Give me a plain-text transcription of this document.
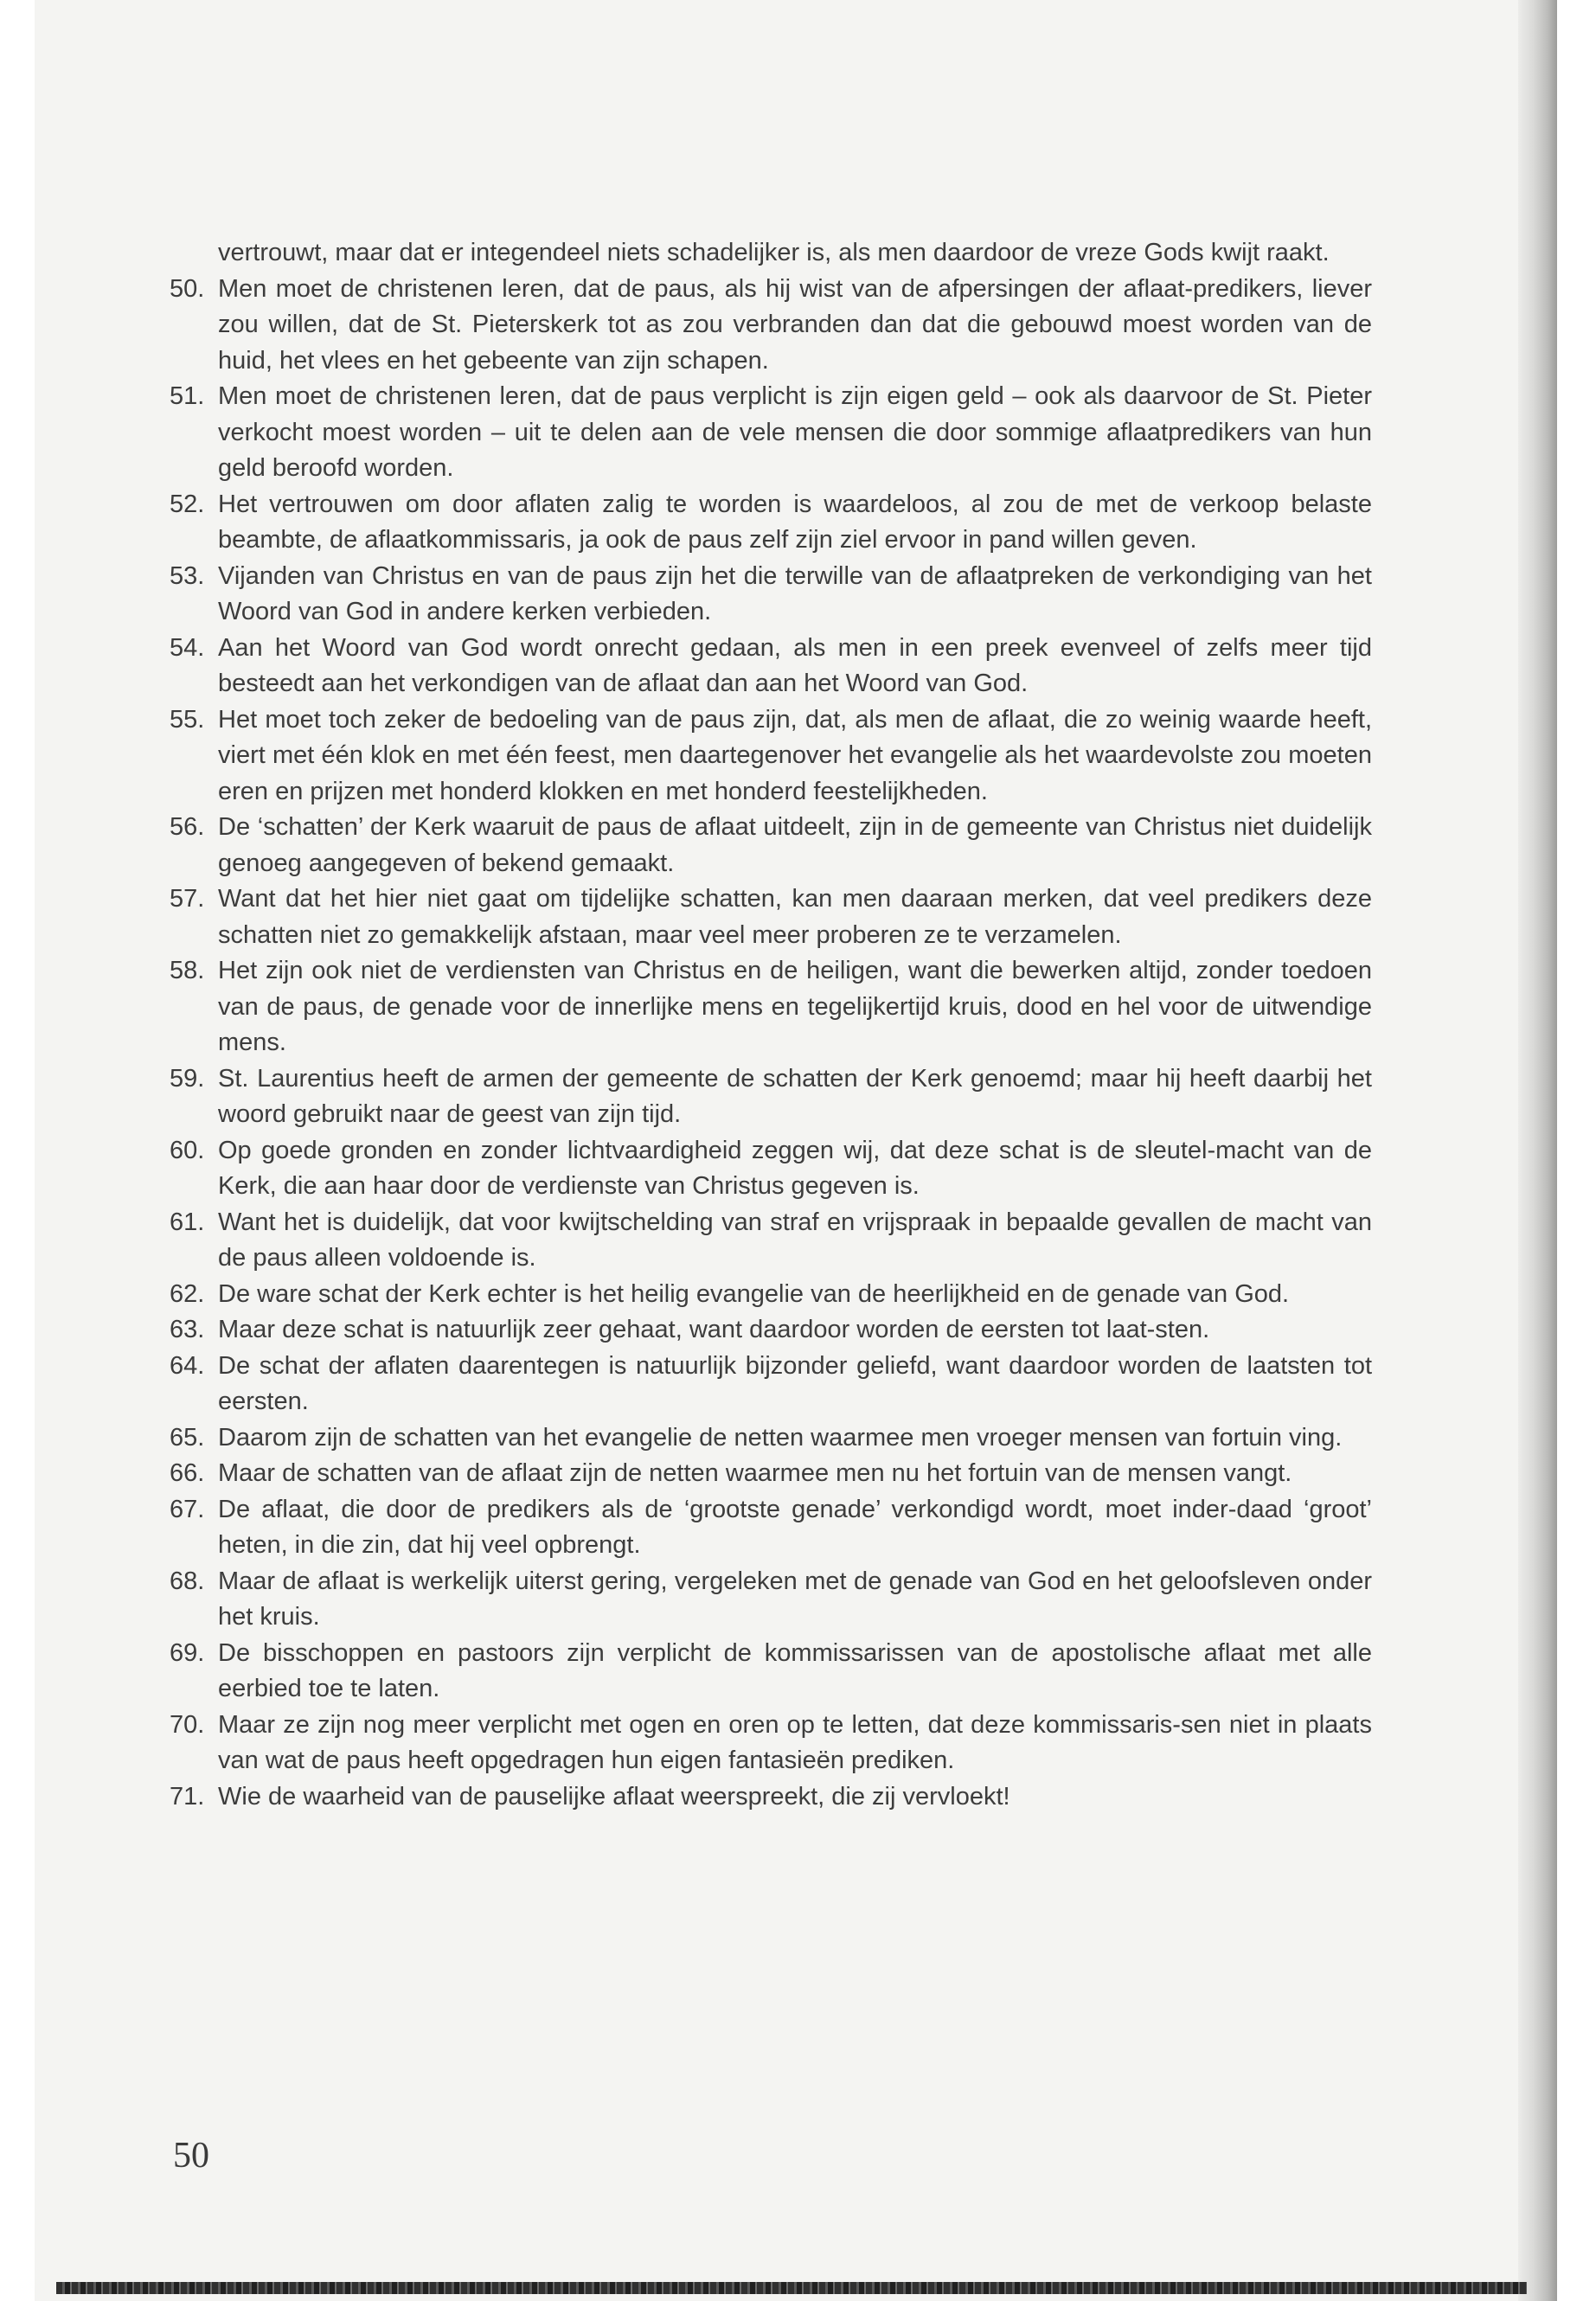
vertrouwt, maar dat er integendeel niets schadelijker is, als men daardoor de vreze Gods kwijt raakt.
50. Men moet de christenen leren, dat de paus, als hij wist van de afpersingen der aflaat-predikers, liever zou willen, dat de St. Pieterskerk tot as zou verbranden dan dat die gebouwd moest worden van de huid, het vlees en het gebeente van zijn schapen.
51. Men moet de christenen leren, dat de paus verplicht is zijn eigen geld – ook als daarvoor de St. Pieter verkocht moest worden – uit te delen aan de vele mensen die door sommige aflaatpredikers van hun geld beroofd worden.
52. Het vertrouwen om door aflaten zalig te worden is waardeloos, al zou de met de verkoop belaste beambte, de aflaatkommissaris, ja ook de paus zelf zijn ziel ervoor in pand willen geven.
53. Vijanden van Christus en van de paus zijn het die terwille van de aflaatpreken de verkondiging van het Woord van God in andere kerken verbieden.
54. Aan het Woord van God wordt onrecht gedaan, als men in een preek evenveel of zelfs meer tijd besteedt aan het verkondigen van de aflaat dan aan het Woord van God.
55. Het moet toch zeker de bedoeling van de paus zijn, dat, als men de aflaat, die zo weinig waarde heeft, viert met één klok en met één feest, men daartegenover het evangelie als het waardevolste zou moeten eren en prijzen met honderd klokken en met honderd feestelijkheden.
56. De ‘schatten’ der Kerk waaruit de paus de aflaat uitdeelt, zijn in de gemeente van Christus niet duidelijk genoeg aangegeven of bekend gemaakt.
57. Want dat het hier niet gaat om tijdelijke schatten, kan men daaraan merken, dat veel predikers deze schatten niet zo gemakkelijk afstaan, maar veel meer proberen ze te verzamelen.
58. Het zijn ook niet de verdiensten van Christus en de heiligen, want die bewerken altijd, zonder toedoen van de paus, de genade voor de innerlijke mens en tegelijkertijd kruis, dood en hel voor de uitwendige mens.
59. St. Laurentius heeft de armen der gemeente de schatten der Kerk genoemd; maar hij heeft daarbij het woord gebruikt naar de geest van zijn tijd.
60. Op goede gronden en zonder lichtvaardigheid zeggen wij, dat deze schat is de sleutel-macht van de Kerk, die aan haar door de verdienste van Christus gegeven is.
61. Want het is duidelijk, dat voor kwijtschelding van straf en vrijspraak in bepaalde gevallen de macht van de paus alleen voldoende is.
62. De ware schat der Kerk echter is het heilig evangelie van de heerlijkheid en de genade van God.
63. Maar deze schat is natuurlijk zeer gehaat, want daardoor worden de eersten tot laat-sten.
64. De schat der aflaten daarentegen is natuurlijk bijzonder geliefd, want daardoor worden de laatsten tot eersten.
65. Daarom zijn de schatten van het evangelie de netten waarmee men vroeger mensen van fortuin ving.
66. Maar de schatten van de aflaat zijn de netten waarmee men nu het fortuin van de mensen vangt.
67. De aflaat, die door de predikers als de ‘grootste genade’ verkondigd wordt, moet inder-daad ‘groot’ heten, in die zin, dat hij veel opbrengt.
68. Maar de aflaat is werkelijk uiterst gering, vergeleken met de genade van God en het geloofsleven onder het kruis.
69. De bisschoppen en pastoors zijn verplicht de kommissarissen van de apostolische aflaat met alle eerbied toe te laten.
70. Maar ze zijn nog meer verplicht met ogen en oren op te letten, dat deze kommissaris-sen niet in plaats van wat de paus heeft opgedragen hun eigen fantasieën prediken.
71. Wie de waarheid van de pauselijke aflaat weerspreekt, die zij vervloekt!
50
